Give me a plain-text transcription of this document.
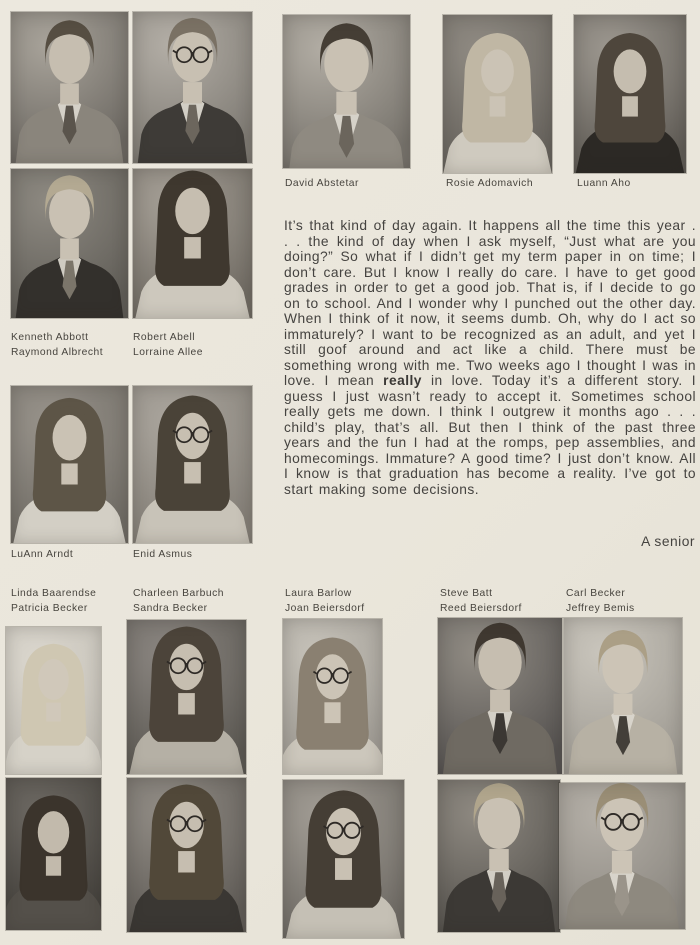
Kenneth Abbott
Raymond Albrecht
Robert Abell
Lorraine Allee
LuAnn Arndt	Enid Asmus
David Abstetar	Rosie Adomavich	Luann Aho

It’s that kind of day again. It happens all the time this year . . . the kind of day when I ask myself, “Just what are you doing?” So what if I didn’t get my term paper in on time; I don’t care. But I know I really do care. I have to get good grades in order to get a good job. That is, if I decide to go on to school. And I wonder why I punched out the other day. When I think of it now, it seems dumb. Oh, why do I act so immaturely? I want to be recognized as an adult, and yet I still goof around and act like a child. There must be something wrong with me. Two weeks ago I thought I was in love. I mean really in love. Today it’s a different story. I guess I just wasn’t ready to accept it. Sometimes school really gets me down. I think I outgrew it months ago . . . child’s play, that’s all. But then I think of the past three years and the fun I had at the romps, pep assemblies, and homecomings. Immature? A good time? I just don’t know. All I know is that graduation has become a reality. I’ve got to start making some decisions.

A senior
Linda Baarendse
Patricia Becker
Charleen Barbuch
Sandra Becker
Laura Barlow
Joan Beiersdorf
Steve Batt
Reed Beiersdorf
Carl Becker
Jeffrey Bemis
